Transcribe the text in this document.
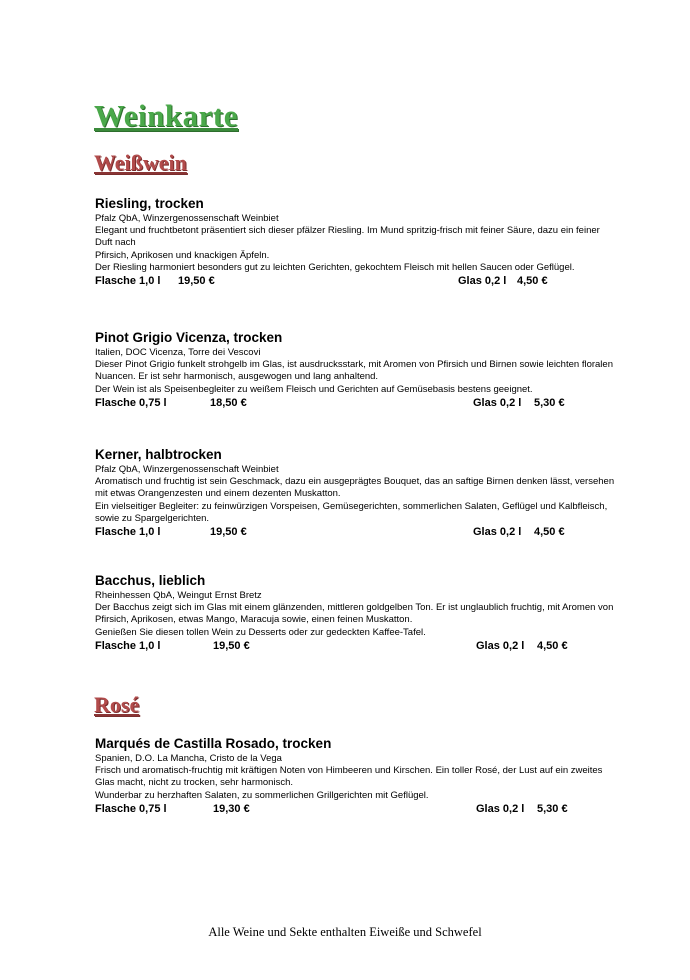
Weinkarte
Weißwein
Riesling, trocken
Pfalz QbA, Winzergenossenschaft Weinbiet

Elegant und fruchtbetont präsentiert sich dieser pfälzer Riesling. Im Mund spritzig-frisch mit feiner Säure, dazu ein feiner Duft nach

Pfirsich, Aprikosen und knackigen Äpfeln.

Der Riesling harmoniert besonders gut zu leichten Gerichten, gekochtem Fleisch mit hellen Saucen oder Geflügel.

Flasche 1,0 l 19,50 €	Glas 0,2 l 4,50 €
Pinot Grigio Vicenza, trocken
Italien, DOC Vicenza, Torre dei Vescovi

Dieser Pinot Grigio funkelt strohgelb im Glas, ist ausdrucksstark, mit Aromen von Pfirsich und Birnen sowie leichten floralen Nuancen. Er ist sehr harmonisch, ausgewogen und lang anhaltend.

Der Wein ist als Speisenbegleiter zu weißem Fleisch und Gerichten auf Gemüsebasis bestens geeignet.

Flasche 0,75 l	18,50 €	Glas 0,2 l 5,30 €
Kerner, halbtrocken
Pfalz QbA, Winzergenossenschaft Weinbiet

Aromatisch und fruchtig ist sein Geschmack, dazu ein ausgeprägtes Bouquet, das an saftige Birnen denken lässt, versehen mit etwas Orangenzesten und einem dezenten Muskatton.

Ein vielseitiger Begleiter: zu feinwürzigen Vorspeisen, Gemüsegerichten, sommerlichen Salaten, Geflügel und Kalbfleisch, sowie zu Spargelgerichten.

Flasche 1,0 l	19,50 €	Glas 0,2 l 4,50 €
Bacchus, lieblich
Rheinhessen QbA, Weingut Ernst Bretz

Der Bacchus zeigt sich im Glas mit einem glänzenden, mittleren goldgelben Ton. Er ist unglaublich fruchtig, mit Aromen von Pfirsich, Aprikosen, etwas Mango, Maracuja sowie, einen feinen Muskatton.

Genießen Sie diesen tollen Wein zu Desserts oder zur gedeckten Kaffee-Tafel.

Flasche 1,0 l	19,50 €	Glas 0,2 l 4,50 €
Rosé
Marqués de Castilla Rosado, trocken
Spanien, D.O. La Mancha, Cristo de la Vega

Frisch und aromatisch-fruchtig mit kräftigen Noten von Himbeeren und Kirschen. Ein toller Rosé, der Lust auf ein zweites Glas macht, nicht zu trocken, sehr harmonisch.

Wunderbar zu herzhaften Salaten, zu sommerlichen Grillgerichten mit Geflügel.

Flasche 0,75 l	19,30 €	Glas 0,2 l 5,30 €
Alle Weine und Sekte enthalten Eiweiße und Schwefel
